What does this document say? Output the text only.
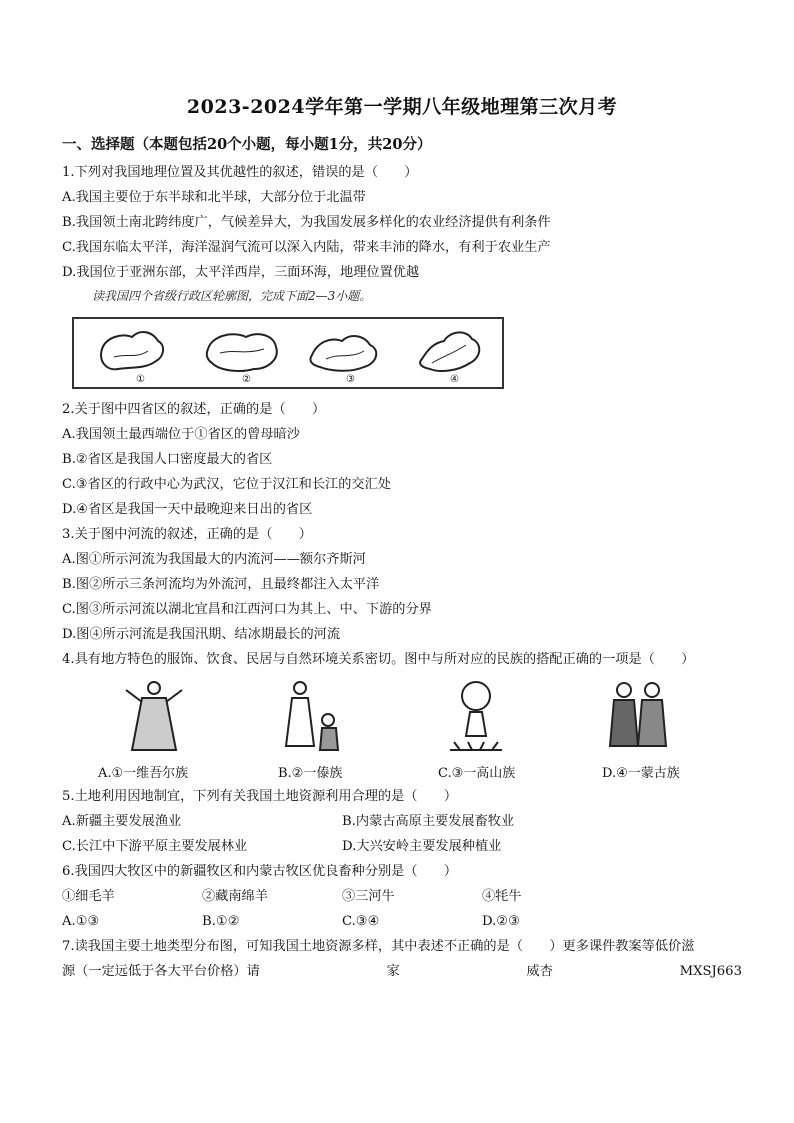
2023-2024学年第一学期八年级地理第三次月考
一、选择题（本题包括20个小题，每小题1分，共20分）
1.下列对我国地理位置及其优越性的叙述，错误的是（　　）
A.我国主要位于东半球和北半球，大部分位于北温带
B.我国领土南北跨纬度广，气候差异大，为我国发展多样化的农业经济提供有利条件
C.我国东临太平洋，海洋湿润气流可以深入内陆，带来丰沛的降水，有利于农业生产
D.我国位于亚洲东部，太平洋西岸，三面环海，地理位置优越
读我国四个省级行政区轮廓图，完成下面2—3小题。
①	②	③	④
2.关于图中四省区的叙述，正确的是（　　）
A.我国领土最西端位于①省区的曾母暗沙
B.②省区是我国人口密度最大的省区
C.③省区的行政中心为武汉，它位于汉江和长江的交汇处
D.④省区是我国一天中最晚迎来日出的省区
3.关于图中河流的叙述，正确的是（　　）
A.图①所示河流为我国最大的内流河——额尔齐斯河
B.图②所示三条河流均为外流河，且最终都注入太平洋
C.图③所示河流以湖北宜昌和江西河口为其上、中、下游的分界
D.图④所示河流是我国汛期、结冰期最长的河流
4.具有地方特色的服饰、饮食、民居与自然环境关系密切。图中与所对应的民族的搭配正确的一项是（　　）
A.①一维吾尔族	B.②一傣族	C.③一高山族	D.④一蒙古族
5.土地利用因地制宜，下列有关我国土地资源利用合理的是（　　）
A.新疆主要发展渔业	B.内蒙古高原主要发展畜牧业
C.长江中下游平原主要发展林业	D.大兴安岭主要发展种植业
6.我国四大牧区中的新疆牧区和内蒙古牧区优良畜种分别是（　　）
①细毛羊	②藏南绵羊	③三河牛	④牦牛
A.①③	B.①②	C.③④	D.②③
7.读我国主要土地类型分布图，可知我国土地资源多样，其中表述不正确的是（　　）更多课件教案等低价滋
源（一定远低于各大平台价格）请	家	威杏	MXSJ663
